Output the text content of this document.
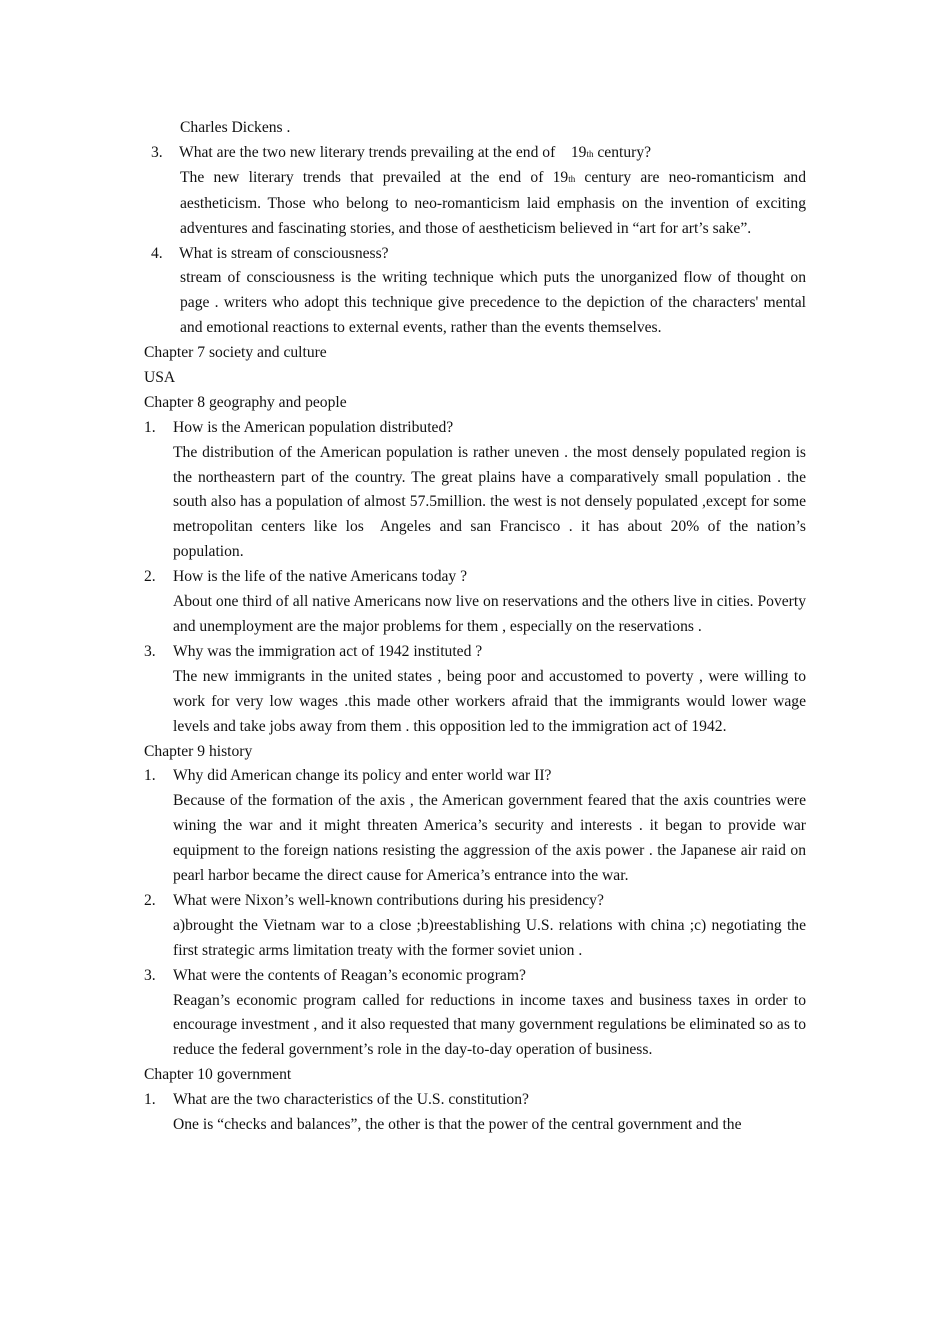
Charles Dickens .
3. What are the two new literary trends prevailing at the end of    19th century?
The new literary trends that prevailed at the end of 19th century are neo-romanticism and aestheticism. Those who belong to neo-romanticism laid emphasis on the invention of exciting adventures and fascinating stories, and those of aestheticism believed in “art for art’s sake”.
4. What is stream of consciousness?
stream of consciousness is the writing technique which puts the unorganized flow of thought on page . writers who adopt this technique give precedence to the depiction of the characters' mental and emotional reactions to external events, rather than the events themselves.
Chapter 7 society and culture
USA
Chapter 8 geography and people
1. How is the American population distributed?
The distribution of the American population is rather uneven . the most densely populated region is the northeastern part of the country. The great plains have a comparatively small population . the south also has a population of almost 57.5million. the west is not densely populated ,except for some metropolitan centers like los  Angeles and san Francisco . it has about 20% of the nation’s population.
2. How is the life of the native Americans today ?
About one third of all native Americans now live on reservations and the others live in cities. Poverty and unemployment are the major problems for them , especially on the reservations .
3. Why was the immigration act of 1942 instituted ?
The new immigrants in the united states , being poor and accustomed to poverty , were willing to work for very low wages .this made other workers afraid that the immigrants would lower wage levels and take jobs away from them . this opposition led to the immigration act of 1942.
Chapter 9 history
1. Why did American change its policy and enter world war II?
Because of the formation of the axis , the American government feared that the axis countries were wining the war and it might threaten America’s security and interests . it began to provide war equipment to the foreign nations resisting the aggression of the axis power . the Japanese air raid on pearl harbor became the direct cause for America’s entrance into the war.
2. What were Nixon’s well-known contributions during his presidency?
a)brought the Vietnam war to a close ;b)reestablishing U.S. relations with china ;c) negotiating the first strategic arms limitation treaty with the former soviet union .
3. What were the contents of Reagan’s economic program?
Reagan’s economic program called for reductions in income taxes and business taxes in order to encourage investment , and it also requested that many government regulations be eliminated so as to reduce the federal government’s role in the day-to-day operation of business.
Chapter 10 government
1. What are the two characteristics of the U.S. constitution?
One is “checks and balances”, the other is that the power of the central government and the
